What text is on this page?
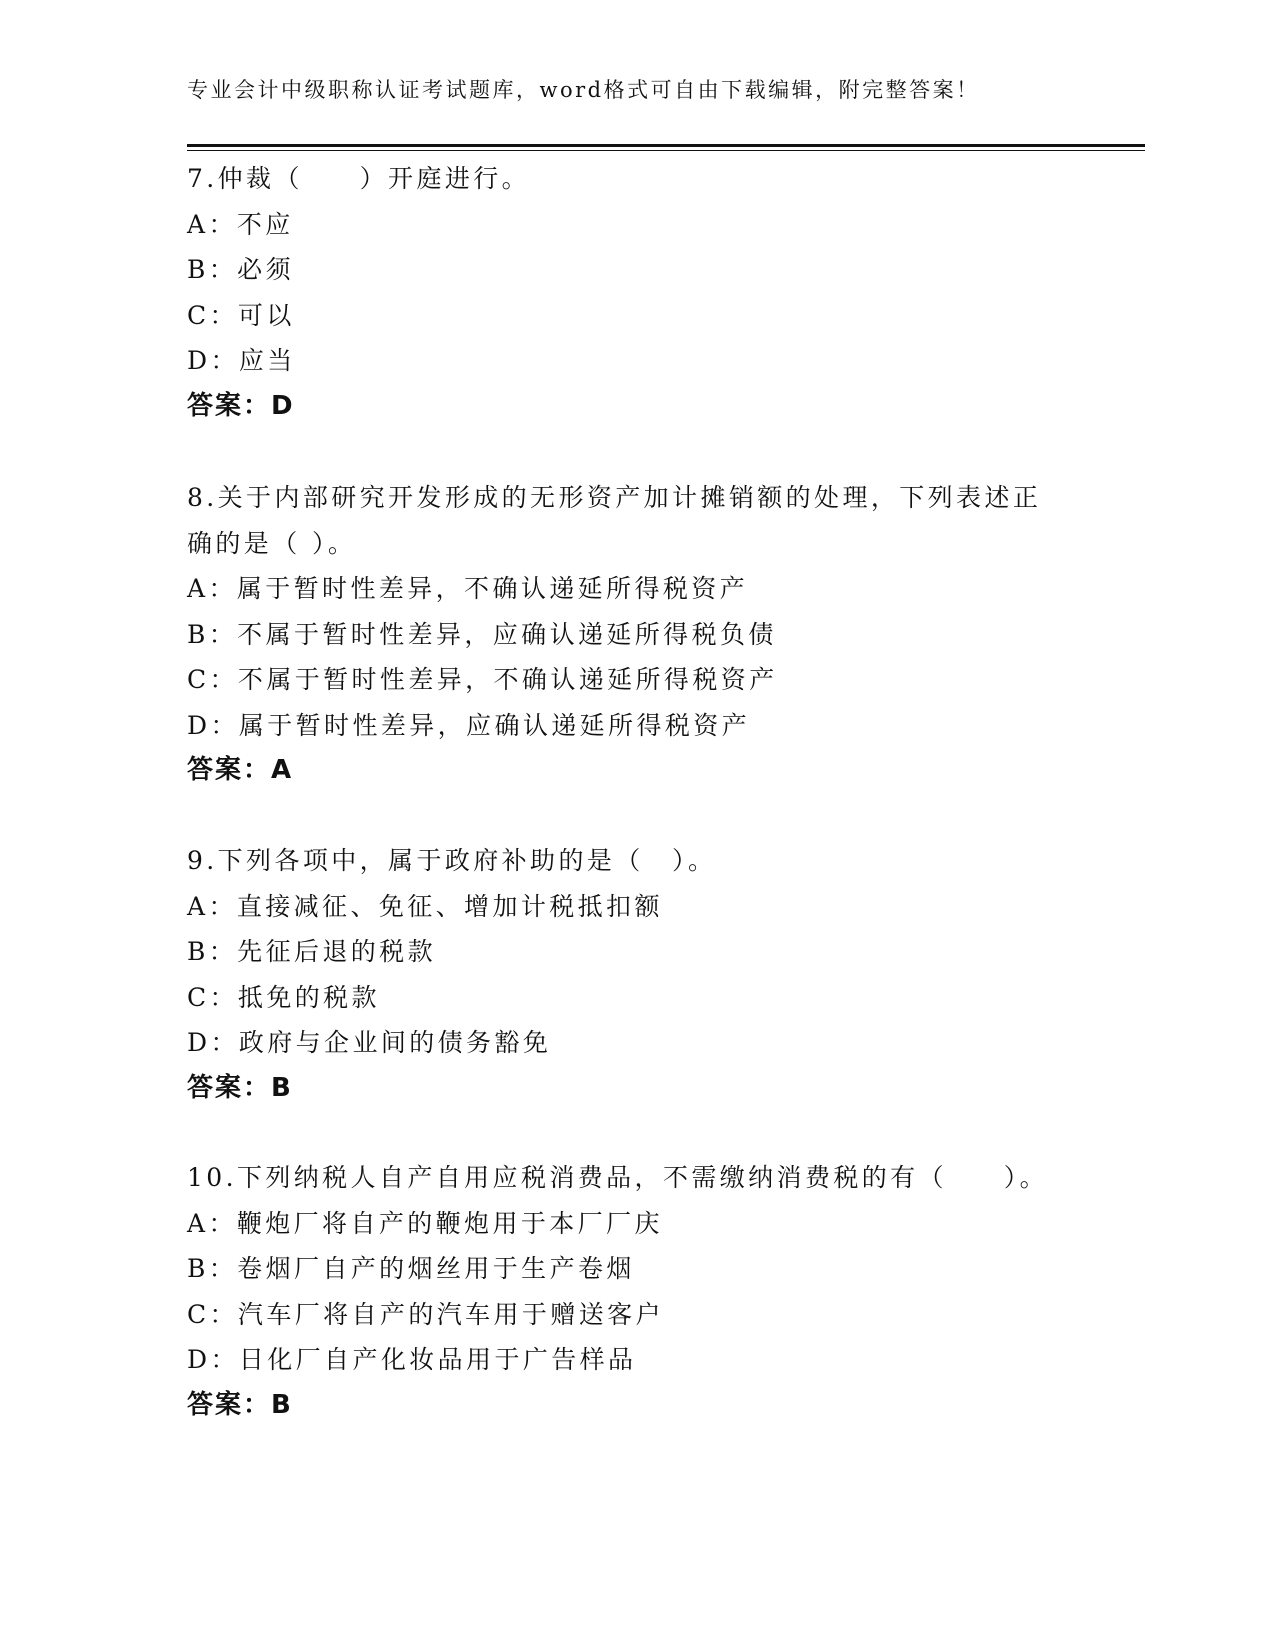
专业会计中级职称认证考试题库，word格式可自由下载编辑，附完整答案！
7.仲裁（　　）开庭进行。
A：不应
B：必须
C：可以
D：应当
答案：D
8.关于内部研究开发形成的无形资产加计摊销额的处理，下列表述正
确的是（ ）。
A：属于暂时性差异，不确认递延所得税资产
B：不属于暂时性差异，应确认递延所得税负债
C：不属于暂时性差异，不确认递延所得税资产
D：属于暂时性差异，应确认递延所得税资产
答案：A
9.下列各项中，属于政府补助的是（　）。
A：直接减征、免征、增加计税抵扣额
B：先征后退的税款
C：抵免的税款
D：政府与企业间的债务豁免
答案：B
10.下列纳税人自产自用应税消费品，不需缴纳消费税的有（　　）。
A：鞭炮厂将自产的鞭炮用于本厂厂庆
B：卷烟厂自产的烟丝用于生产卷烟
C：汽车厂将自产的汽车用于赠送客户
D：日化厂自产化妆品用于广告样品
答案：B
